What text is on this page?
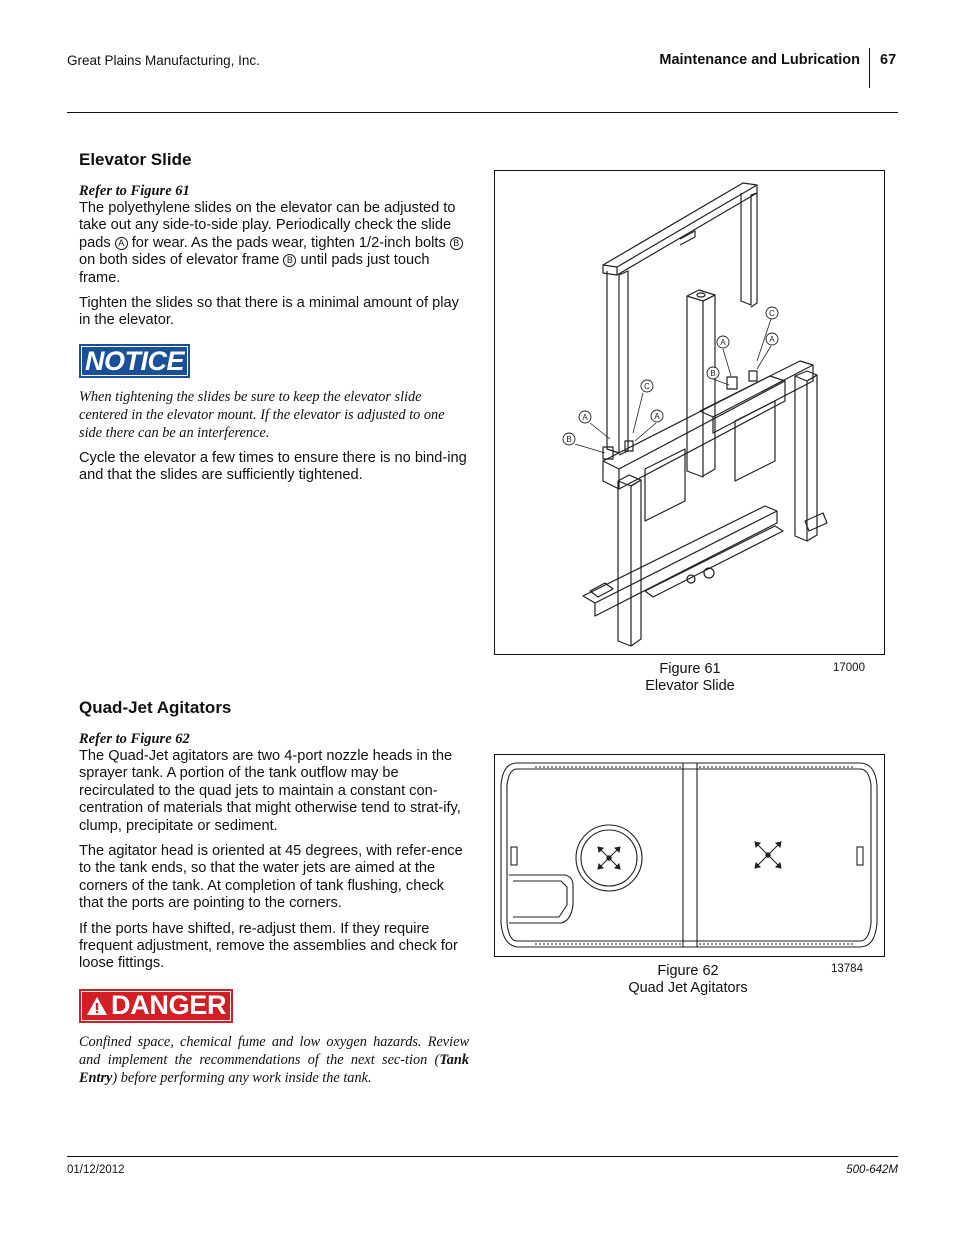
Great Plains Manufacturing, Inc.	Maintenance and Lubrication 67
Elevator Slide
Refer to Figure 61

The polyethylene slides on the elevator can be adjusted to take out any side-to-side play. Periodically check the slide pads A for wear. As the pads wear, tighten 1/2-inch bolts B on both sides of elevator frame B until pads just touch frame.

Tighten the slides so that there is a minimal amount of play in the elevator.

NOTICE

When tightening the slides be sure to keep the elevator slide centered in the elevator mount. If the elevator is adjusted to one side there can be an interference.

Cycle the elevator a few times to ensure there is no bind-ing and that the slides are sufficiently tightened.

C
A	A
B
B
A	A
C
Figure 61
Elevator Slide
17000
Quad-Jet Agitators
Refer to Figure 62

The Quad-Jet agitators are two 4-port nozzle heads in the sprayer tank. A portion of the tank outflow may be recirculated to the quad jets to maintain a constant con-centration of materials that might otherwise tend to strat-ify, clump, precipitate or sediment.

The agitator head is oriented at 45 degrees, with refer-ence to the tank ends, so that the water jets are aimed at the corners of the tank. At completion of tank flushing, check that the ports are pointing to the corners.

If the ports have shifted, re-adjust them. If they require frequent adjustment, remove the assemblies and check for loose fittings.

DANGER

Confined space, chemical fume and low oxygen hazards. Review and implement the recommendations of the next sec-tion (Tank Entry) before performing any work inside the tank.

Figure 62
Quad Jet Agitators
13784
01/12/2012	500-642M
